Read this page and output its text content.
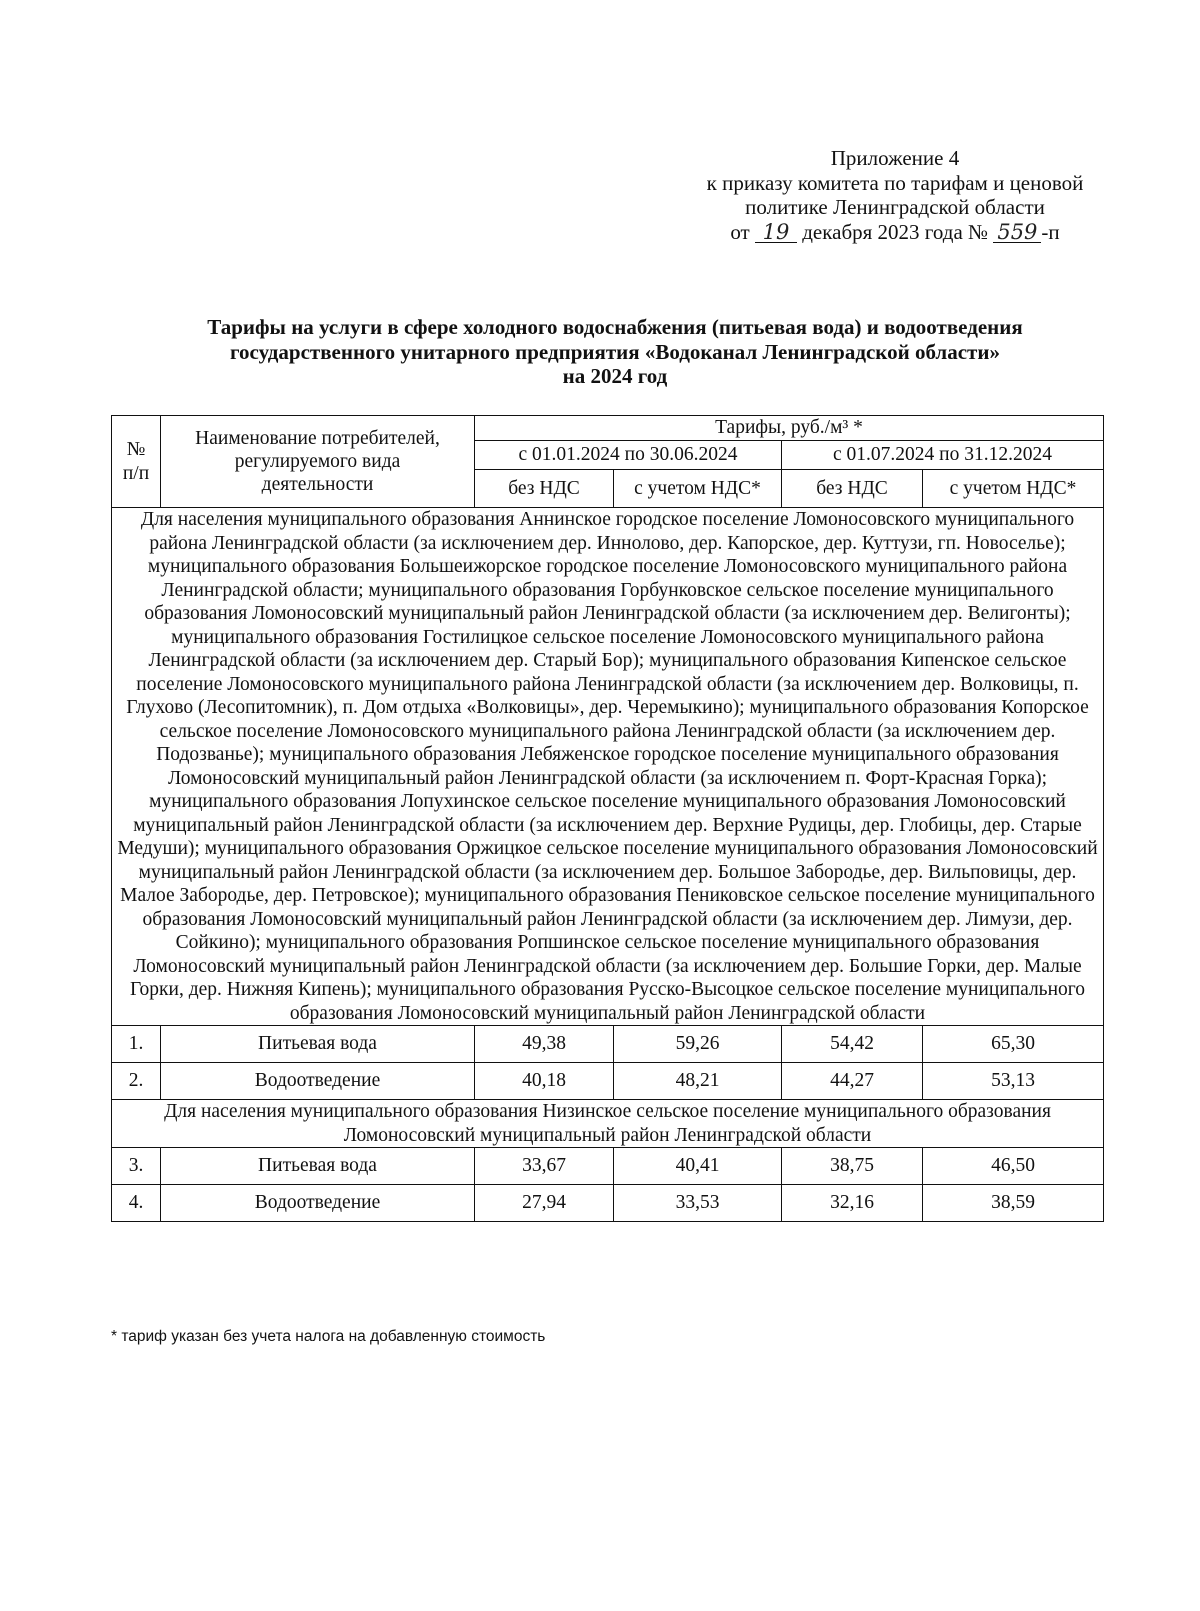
Приложение 4
к приказу комитета по тарифам и ценовой
политике Ленинградской области
от 19 декабря 2023 года № 559 -п
Тарифы на услуги в сфере холодного водоснабжения (питьевая вода) и водоотведения
государственного унитарного предприятия «Водоканал Ленинградской области»
на 2024 год
№ п/п	Наименование потребителей, регулируемого вида деятельности	Тарифы, руб./м³ *			
		с 01.01.2024 по 30.06.2024		с 01.07.2024 по 31.12.2024	
		без НДС	с учетом НДС*	без НДС	с учетом НДС*
Для населения муниципального образования Аннинское городское поселение Ломоносовского муниципального района Ленинградской области (за исключением дер. Иннолово, дер. Капорское, дер. Куттузи, гп. Новоселье); муниципального образования Большеижорское городское поселение Ломоносовского муниципального района Ленинградской области; муниципального образования Горбунковское сельское поселение муниципального образования Ломоносовский муниципальный район Ленинградской области (за исключением дер. Велигонты); муниципального образования Гостилицкое сельское поселение Ломоносовского муниципального района Ленинградской области (за исключением дер. Старый Бор); муниципального образования Кипенское сельское поселение Ломоносовского муниципального района Ленинградской области (за исключением дер. Волковицы, п. Глухово (Лесопитомник), п. Дом отдыха «Волковицы», дер. Черемыкино); муниципального образования Копорское сельское поселение Ломоносовского муниципального района Ленинградской области (за исключением дер. Подозванье); муниципального образования Лебяженское городское поселение муниципального образования Ломоносовский муниципальный район Ленинградской области (за исключением п. Форт-Красная Горка); муниципального образования Лопухинское сельское поселение муниципального образования Ломоносовский муниципальный район Ленинградской области (за исключением дер. Верхние Рудицы, дер. Глобицы, дер. Старые Медуши); муниципального образования Оржицкое сельское поселение муниципального образования Ломоносовский муниципальный район Ленинградской области (за исключением дер. Большое Забородье, дер. Вильповицы, дер. Малое Забородье, дер. Петровское); муниципального образования Пениковское сельское поселение муниципального образования Ломоносовский муниципальный район Ленинградской области (за исключением дер. Лимузи, дер. Сойкино); муниципального образования Ропшинское сельское поселение муниципального образования Ломоносовский муниципальный район Ленинградской области (за исключением дер. Большие Горки, дер. Малые Горки, дер. Нижняя Кипень); муниципального образования Русско-Высоцкое сельское поселение муниципального образования Ломоносовский муниципальный район Ленинградской области					
1.	Питьевая вода	49,38	59,26	54,42	65,30
2.	Водоотведение	40,18	48,21	44,27	53,13
Для населения муниципального образования Низинское сельское поселение муниципального образования Ломоносовский муниципальный район Ленинградской области					
3.	Питьевая вода	33,67	40,41	38,75	46,50
4.	Водоотведение	27,94	33,53	32,16	38,59
* тариф указан без учета налога на добавленную стоимость
